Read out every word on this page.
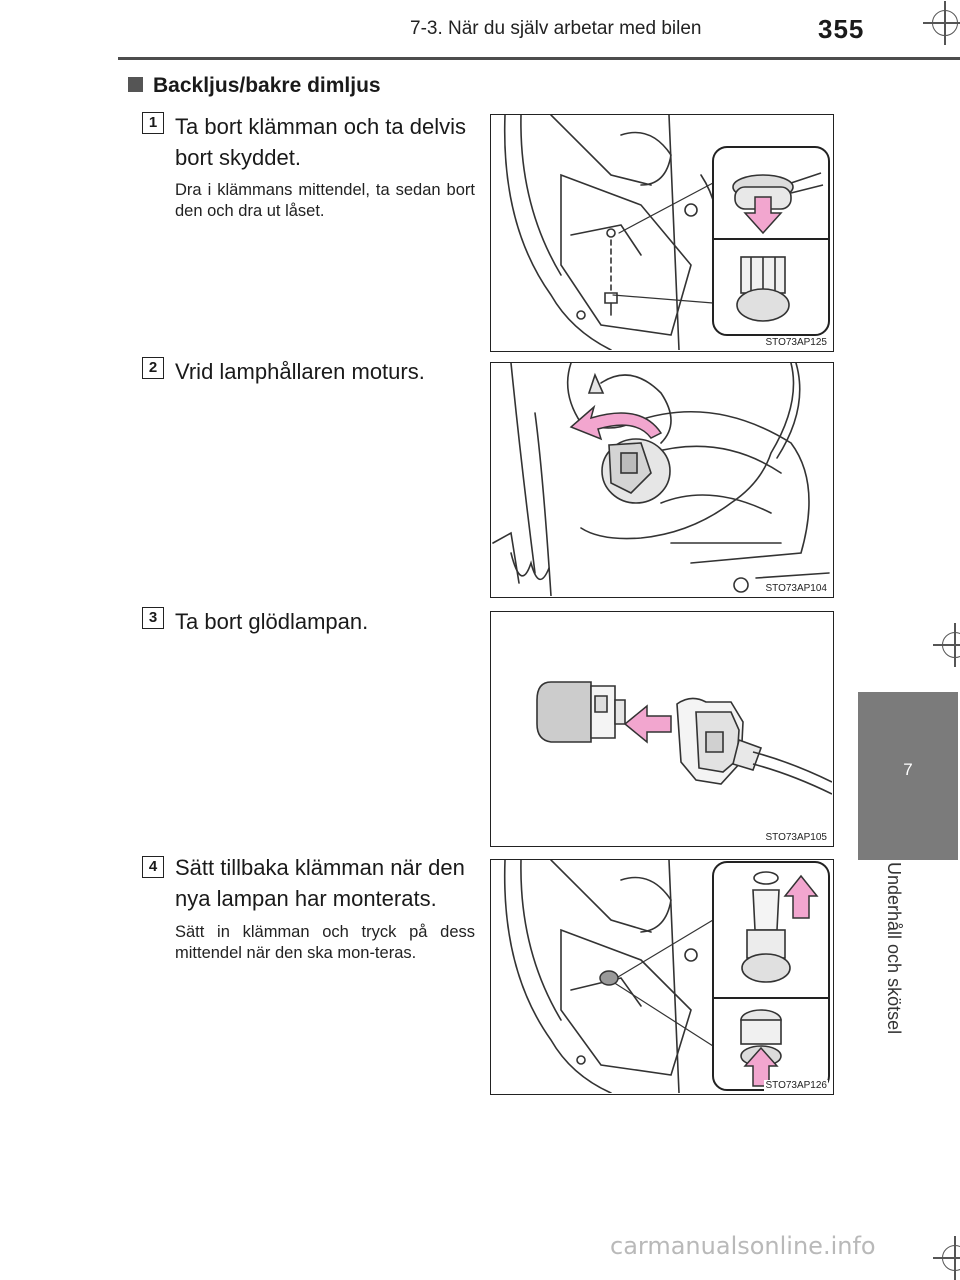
7-3. När du själv arbetar med bilen	355
7
Underhåll och skötsel
Backljus/bakre dimljus
1 Ta bort klämman och ta delvis bort skyddet.
Dra i klämmans mittendel, ta sedan bort den och dra ut låset.
STO73AP125
2 Vrid lamphållaren moturs.
STO73AP104
3 Ta bort glödlampan.
STO73AP105
4 Sätt tillbaka klämman när den nya lampan har monterats.
Sätt in klämman och tryck på dess mittendel när den ska mon-teras.
STO73AP126
carmanualsonline.info
